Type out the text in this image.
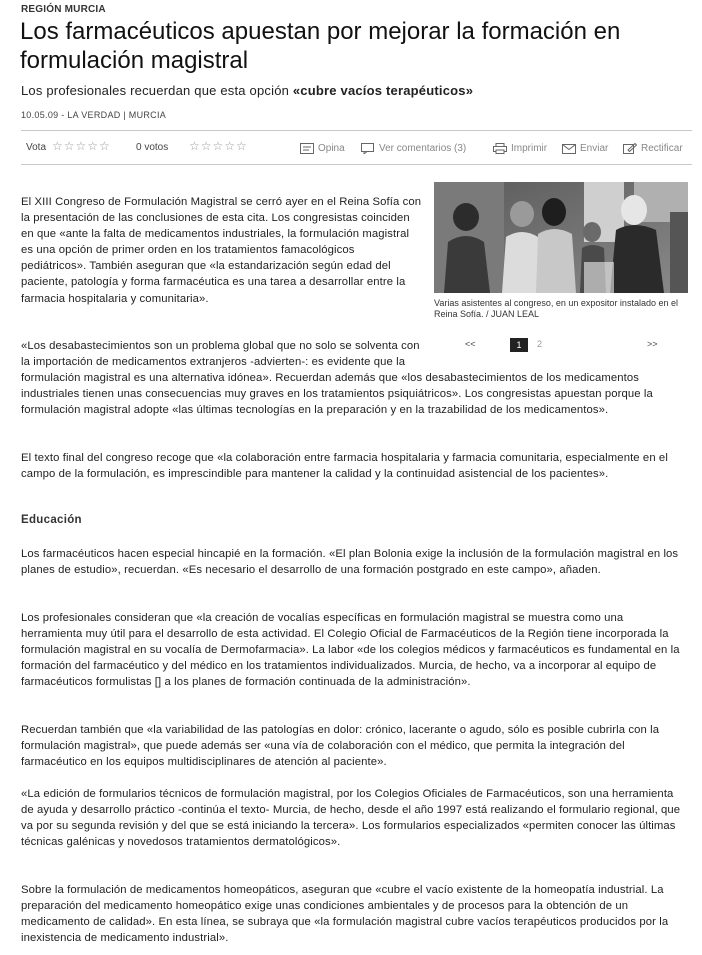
REGIÓN MURCIA
Los farmacéuticos apuestan por mejorar la formación en formulación magistral
Los profesionales recuerdan que esta opción «cubre vacíos terapéuticos»
10.05.09 - LA VERDAD | MURCIA
Vota ☆☆☆☆☆	0 votos ☆☆☆☆☆	Opina	Ver comentarios (3)	Imprimir	Enviar	Rectificar
Varias asistentes al congreso, en un expositor instalado en el Reina Sofía. / JUAN LEAL
<<	1	2	>>

El XIII Congreso de Formulación Magistral se cerró ayer en el Reina Sofía con la presentación de las conclusiones de esta cita. Los congresistas coinciden en que «ante la falta de medicamentos industriales, la formulación magistral es una opción de primer orden en los tratamientos famacológicos pediátricos». También aseguran que «la estandarización según edad del paciente, patología y forma farmacéutica es una tarea a desarrollar entre la farmacia hospitalaria y comunitaria».

«Los desabastecimientos son un problema global que no solo se solventa con la importación de medicamentos extranjeros -advierten-: es evidente que la formulación magistral es una alternativa idónea». Recuerdan además que «los desabastecimientos de los medicamentos industriales tienen unas consecuencias muy graves en los tratamientos psiquiátricos». Los congresistas apuestan porque la formulación magistral adopte «las últimas tecnologías en la preparación y en la trazabilidad de los medicamentos».

El texto final del congreso recoge que «la colaboración entre farmacia hospitalaria y farmacia comunitaria, especialmente en el campo de la formulación, es imprescindible para mantener la calidad y la continuidad asistencial de los pacientes».

Educación

Los farmacéuticos hacen especial hincapié en la formación. «El plan Bolonia exige la inclusión de la formulación magistral en los planes de estudio», recuerdan. «Es necesario el desarrollo de una formación postgrado en este campo», añaden.

Los profesionales consideran que «la creación de vocalías específicas en formulación magistral se muestra como una herramienta muy útil para el desarrollo de esta actividad. El Colegio Oficial de Farmacéuticos de la Región tiene incorporada la formulación magistral en su vocalía de Dermofarmacia». La labor «de los colegios médicos y farmacéuticos es fundamental en la formación del farmacéutico y del médico en los tratamientos individualizados. Murcia, de hecho, va a incorporar al equipo de farmacéuticos formulistas [] a los planes de formación continuada de la administración».

Recuerdan también que «la variabilidad de las patologías en dolor: crónico, lacerante o agudo, sólo es posible cubrirla con la formulación magistral», que puede además ser «una vía de colaboración con el médico, que permita la integración del farmacéutico en los equipos multidisciplinares de atención al paciente».

«La edición de formularios técnicos de formulación magistral, por los Colegios Oficiales de Farmacéuticos, son una herramienta de ayuda y desarrollo práctico -continúa el texto- Murcia, de hecho, desde el año 1997 está realizando el formulario regional, que va por su segunda revisión y del que se está iniciando la tercera». Los formularios especializados «permiten conocer las últimas técnicas galénicas y novedosos tratamientos dermatológicos».

Sobre la formulación de medicamentos homeopáticos, aseguran que «cubre el vacío existente de la homeopatía industrial. La preparación del medicamento homeopático exige unas condiciones ambientales y de procesos para la obtención de un medicamento de calidad». En esta línea, se subraya que «la formulación magistral cubre vacíos terapéuticos producidos por la inexistencia de medicamento industrial».
